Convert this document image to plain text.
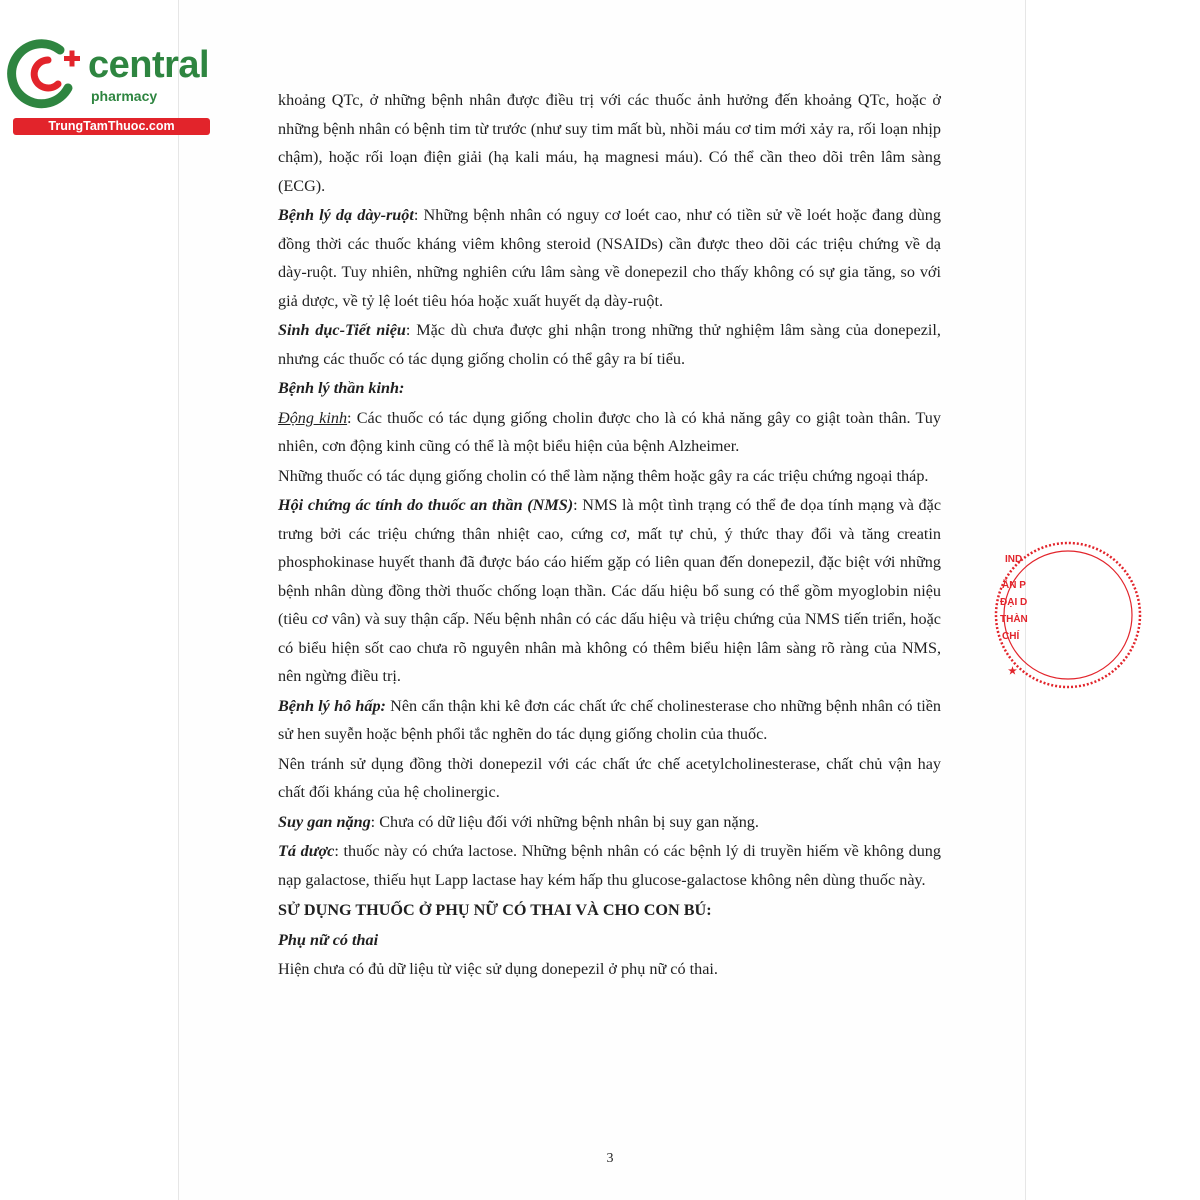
central
pharmacy
TrungTamThuoc.com

khoảng QTc, ở những bệnh nhân được điều trị với các thuốc ảnh hưởng đến khoảng QTc, hoặc ở những bệnh nhân có bệnh tim từ trước (như suy tim mất bù, nhồi máu cơ tim mới xảy ra, rối loạn nhịp chậm), hoặc rối loạn điện giải (hạ kali máu, hạ magnesi máu). Có thể cần theo dõi trên lâm sàng (ECG).

Bệnh lý dạ dày-ruột: Những bệnh nhân có nguy cơ loét cao, như có tiền sử về loét hoặc đang dùng đồng thời các thuốc kháng viêm không steroid (NSAIDs) cần được theo dõi các triệu chứng về dạ dày-ruột. Tuy nhiên, những nghiên cứu lâm sàng về donepezil cho thấy không có sự gia tăng, so với giả dược, về tỷ lệ loét tiêu hóa hoặc xuất huyết dạ dày-ruột.

Sinh dục-Tiết niệu: Mặc dù chưa được ghi nhận trong những thử nghiệm lâm sàng của donepezil, nhưng các thuốc có tác dụng giống cholin có thể gây ra bí tiểu.

Bệnh lý thần kinh:

Động kinh: Các thuốc có tác dụng giống cholin được cho là có khả năng gây co giật toàn thân. Tuy nhiên, cơn động kinh cũng có thể là một biểu hiện của bệnh Alzheimer.

Những thuốc có tác dụng giống cholin có thể làm nặng thêm hoặc gây ra các triệu chứng ngoại tháp.

Hội chứng ác tính do thuốc an thần (NMS): NMS là một tình trạng có thể đe dọa tính mạng và đặc trưng bởi các triệu chứng thân nhiệt cao, cứng cơ, mất tự chủ, ý thức thay đổi và tăng creatin phosphokinase huyết thanh đã được báo cáo hiếm gặp có liên quan đến donepezil, đặc biệt với những bệnh nhân dùng đồng thời thuốc chống loạn thần. Các dấu hiệu bổ sung có thể gồm myoglobin niệu (tiêu cơ vân) và suy thận cấp. Nếu bệnh nhân có các dấu hiệu và triệu chứng của NMS tiến triển, hoặc có biểu hiện sốt cao chưa rõ nguyên nhân mà không có thêm biểu hiện lâm sàng rõ ràng của NMS, nên ngừng điều trị.

Bệnh lý hô hấp: Nên cẩn thận khi kê đơn các chất ức chế cholinesterase cho những bệnh nhân có tiền sử hen suyễn hoặc bệnh phổi tắc nghẽn do tác dụng giống cholin của thuốc.

Nên tránh sử dụng đồng thời donepezil với các chất ức chế acetylcholinesterase, chất chủ vận hay chất đối kháng của hệ cholinergic.

Suy gan nặng: Chưa có dữ liệu đối với những bệnh nhân bị suy gan nặng.

Tá dược: thuốc này có chứa lactose. Những bệnh nhân có các bệnh lý di truyền hiếm về không dung nạp galactose, thiếu hụt Lapp lactase hay kém hấp thu glucose-galactose không nên dùng thuốc này.

SỬ DỤNG THUỐC Ở PHỤ NỮ CÓ THAI VÀ CHO CON BÚ:

Phụ nữ có thai

Hiện chưa có đủ dữ liệu từ việc sử dụng donepezil ở phụ nữ có thai.

3
IND
ẦN P
ĐẠI D
THÀN
CHÍ
★
